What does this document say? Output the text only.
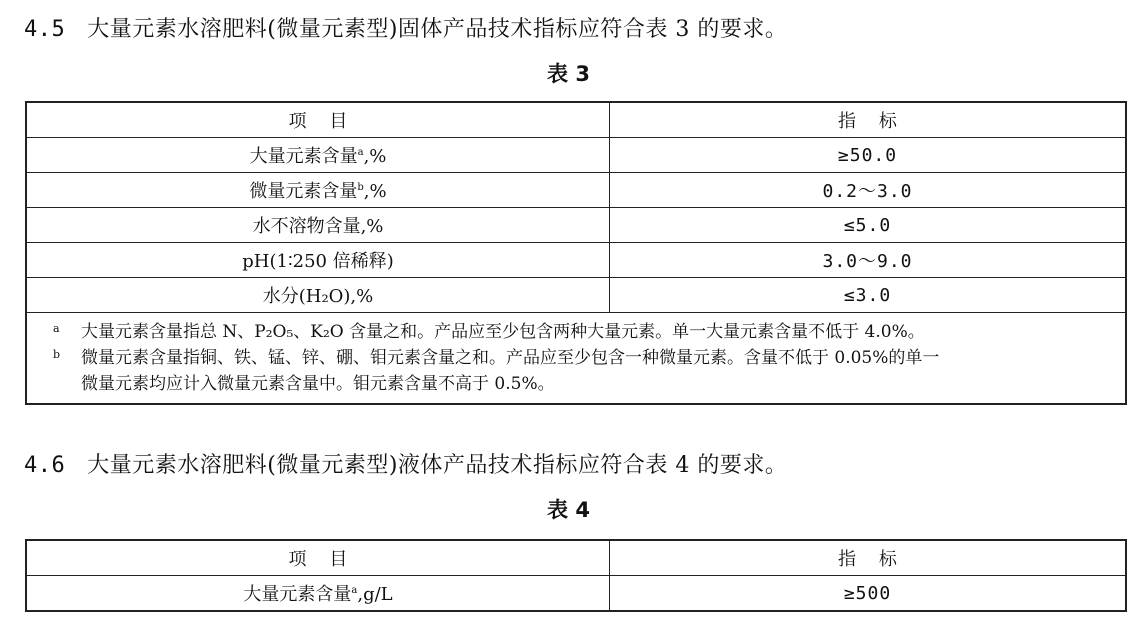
4.5 大量元素水溶肥料(微量元素型)固体产品技术指标应符合表 3 的要求。
表 3
项    目	指    标
大量元素含量$^a$,%	≥50.0
微量元素含量$^b$,%	0.2～3.0
水不溶物含量,%	≤5.0
pH(1∶250 倍稀释)	3.0～9.0
水分(H₂O),%	≤3.0

a 大量元素含量指总 N、P₂O₅、K₂O 含量之和。产品应至少包含两种大量元素。单一大量元素含量不低于 4.0%。
b 微量元素含量指铜、铁、锰、锌、硼、钼元素含量之和。产品应至少包含一种微量元素。含量不低于 0.05%的单一
微量元素均应计入微量元素含量中。钼元素含量不高于 0.5%。	
4.6 大量元素水溶肥料(微量元素型)液体产品技术指标应符合表 4 的要求。
表 4
项    目	指    标
大量元素含量$^a$,g/L	≥500
